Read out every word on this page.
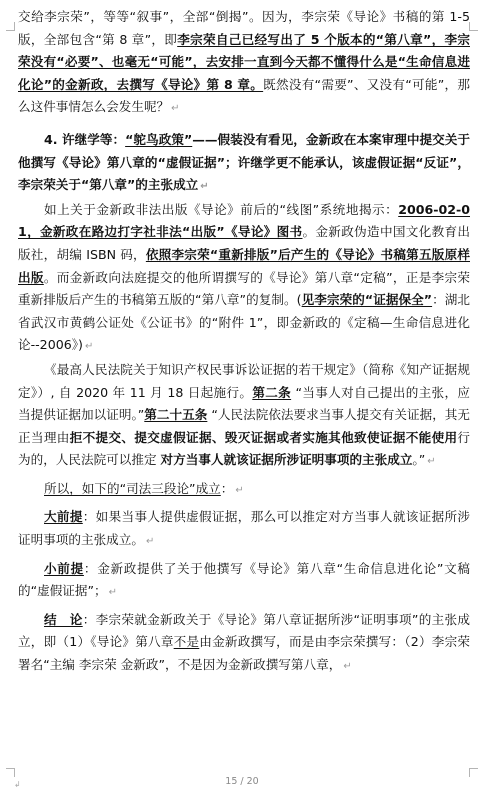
交给李宗荣”，等等“叙事”，全部“倒揭”。因为，李宗荣《导论》书稿的第 1-5 版，全部包含“第 8 章”，即李宗荣自己已经写出了 5 个版本的“第八章”，李宗荣没有“必要”、也毫无“可能”，去安排一直到今天都不懂得什么是“生命信息进化论”的金新政，去撰写《导论》第 8 章。既然没有“需要”、又没有“可能”，那么这件事情怎么会发生呢？ ↵

4. 许继学等：“鸵鸟政策”——假装没有看见，金新政在本案审理中提交关于他撰写《导论》第八章的“虚假证据”；许继学更不能承认，该虚假证据“反证”，李宗荣关于“第八章”的主张成立 ↵

如上关于金新政非法出版《导论》前后的“线图”系统地揭示：2006-02-01，金新政在路边打字社非法“出版”《导论》图书。金新政伪造中国文化教育出版社，胡编 ISBN 码，依照李宗荣“重新排版”后产生的《导论》书稿第五版原样出版。而金新政向法庭提交的他所谓撰写的《导论》第八章“定稿”，正是李宗荣重新排版后产生的书稿第五版的“第八章”的复制。(见李宗荣的“证据保全”：湖北省武汉市黄鹤公证处《公证书》的“附件 1”，即金新政的《定稿—生命信息进化论--2006》) ↵

《最高人民法院关于知识产权民事诉讼证据的若干规定》（简称《知产证据规定》）, 自 2020 年 11 月 18 日起施行。第二条 “当事人对自己提出的主张，应当提供证据加以证明。”第二十五条 “人民法院依法要求当事人提交有关证据，其无正当理由拒不提交、提交虚假证据、毁灭证据或者实施其他致使证据不能使用行为的，人民法院可以推定 对方当事人就该证据所涉证明事项的主张成立。” ↵

所以，如下的“司法三段论”成立： ↵

大前提：如果当事人提供虚假证据，那么可以推定对方当事人就该证据所涉证明事项的主张成立。 ↵

小前提：金新政提供了关于他撰写《导论》第八章“生命信息进化论”文稿的“虚假证据”； ↵

结　论：李宗荣就金新政关于《导论》第八章证据所涉“证明事项”的主张成立，即（1）《导论》第八章不是由金新政撰写，而是由李宗荣撰写：（2）李宗荣署名“主编 李宗荣 金新政”，不是因为金新政撰写第八章， ↵

↲	15 / 20
